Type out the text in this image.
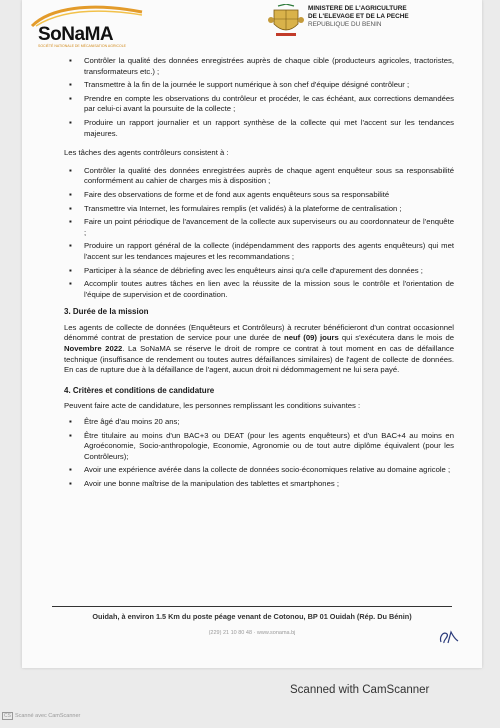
SoNaMA
SOCIÉTÉ NATIONALE DE MÉCANISATION AGRICOLE
MINISTERE DE L'AGRICULTURE
DE L'ELEVAGE ET DE LA PECHE
REPUBLIQUE DU BENIN
▪ Contrôler la qualité des données enregistrées auprès de chaque cible (producteurs agricoles, tractoristes, transformateurs etc.) ;
▪ Transmettre à la fin de la journée le support numérique à son chef d'équipe désigné contrôleur ;
▪ Prendre en compte les observations du contrôleur et procéder, le cas échéant, aux corrections demandées par celui-ci avant la poursuite de la collecte ;
▪ Produire un rapport journalier et un rapport synthèse de la collecte qui met l'accent sur les tendances majeures.

Les tâches des agents contrôleurs consistent à :

▪ Contrôler la qualité des données enregistrées auprès de chaque agent enquêteur sous sa responsabilité conformément au cahier de charges mis à disposition ;
▪ Faire des observations de forme et de fond aux agents enquêteurs sous sa responsabilité
▪ Transmettre via Internet, les formulaires remplis (et validés) à la plateforme de centralisation ;
▪ Faire un point périodique de l'avancement de la collecte aux superviseurs ou au coordonnateur de l'enquête ;
▪ Produire un rapport général de la collecte (indépendamment des rapports des agents enquêteurs) qui met l'accent sur les tendances majeures et les recommandations ;
▪ Participer à la séance de débriefing avec les enquêteurs ainsi qu'a celle d'apurement des données ;
▪ Accomplir toutes autres tâches en lien avec la réussite de la mission sous le contrôle et l'orientation de l'équipe de supervision et de coordination.
3. Durée de la mission

Les agents de collecte de données (Enquêteurs et Contrôleurs) à recruter bénéficieront d'un contrat occasionnel dénommé contrat de prestation de service pour une durée de neuf (09) jours qui s'exécutera dans le mois de Novembre 2022. La SoNaMA se réserve le droit de rompre ce contrat à tout moment en cas de défaillance technique (insuffisance de rendement ou toutes autres défaillances similaires) de l'agent de collecte de données. En cas de rupture due à la défaillance de l'agent, aucun droit ni dédommagement ne lui sera payé.

4. Critères et conditions de candidature

Peuvent faire acte de candidature, les personnes remplissant les conditions suivantes :

▪ Être âgé d'au moins 20 ans;
▪ Être titulaire au moins d'un BAC+3 ou DEAT (pour les agents enquêteurs) et d'un BAC+4 au moins en Agroéconomie, Socio-anthropologie, Economie, Agronomie ou de tout autre diplôme équivalent (pour les Contrôleurs);
▪ Avoir une expérience avérée dans la collecte de données socio-économiques relative au domaine agricole ;
▪ Avoir une bonne maîtrise de la manipulation des tablettes et smartphones ;
Ouidah, à environ 1.5 Km du poste péage venant de Cotonou, BP 01 Ouidah (Rép. Du Bénin)
(229) 21 10 80 48 · www.sonama.bj
Scanned with CamScanner
CS Scanné avec CamScanner
